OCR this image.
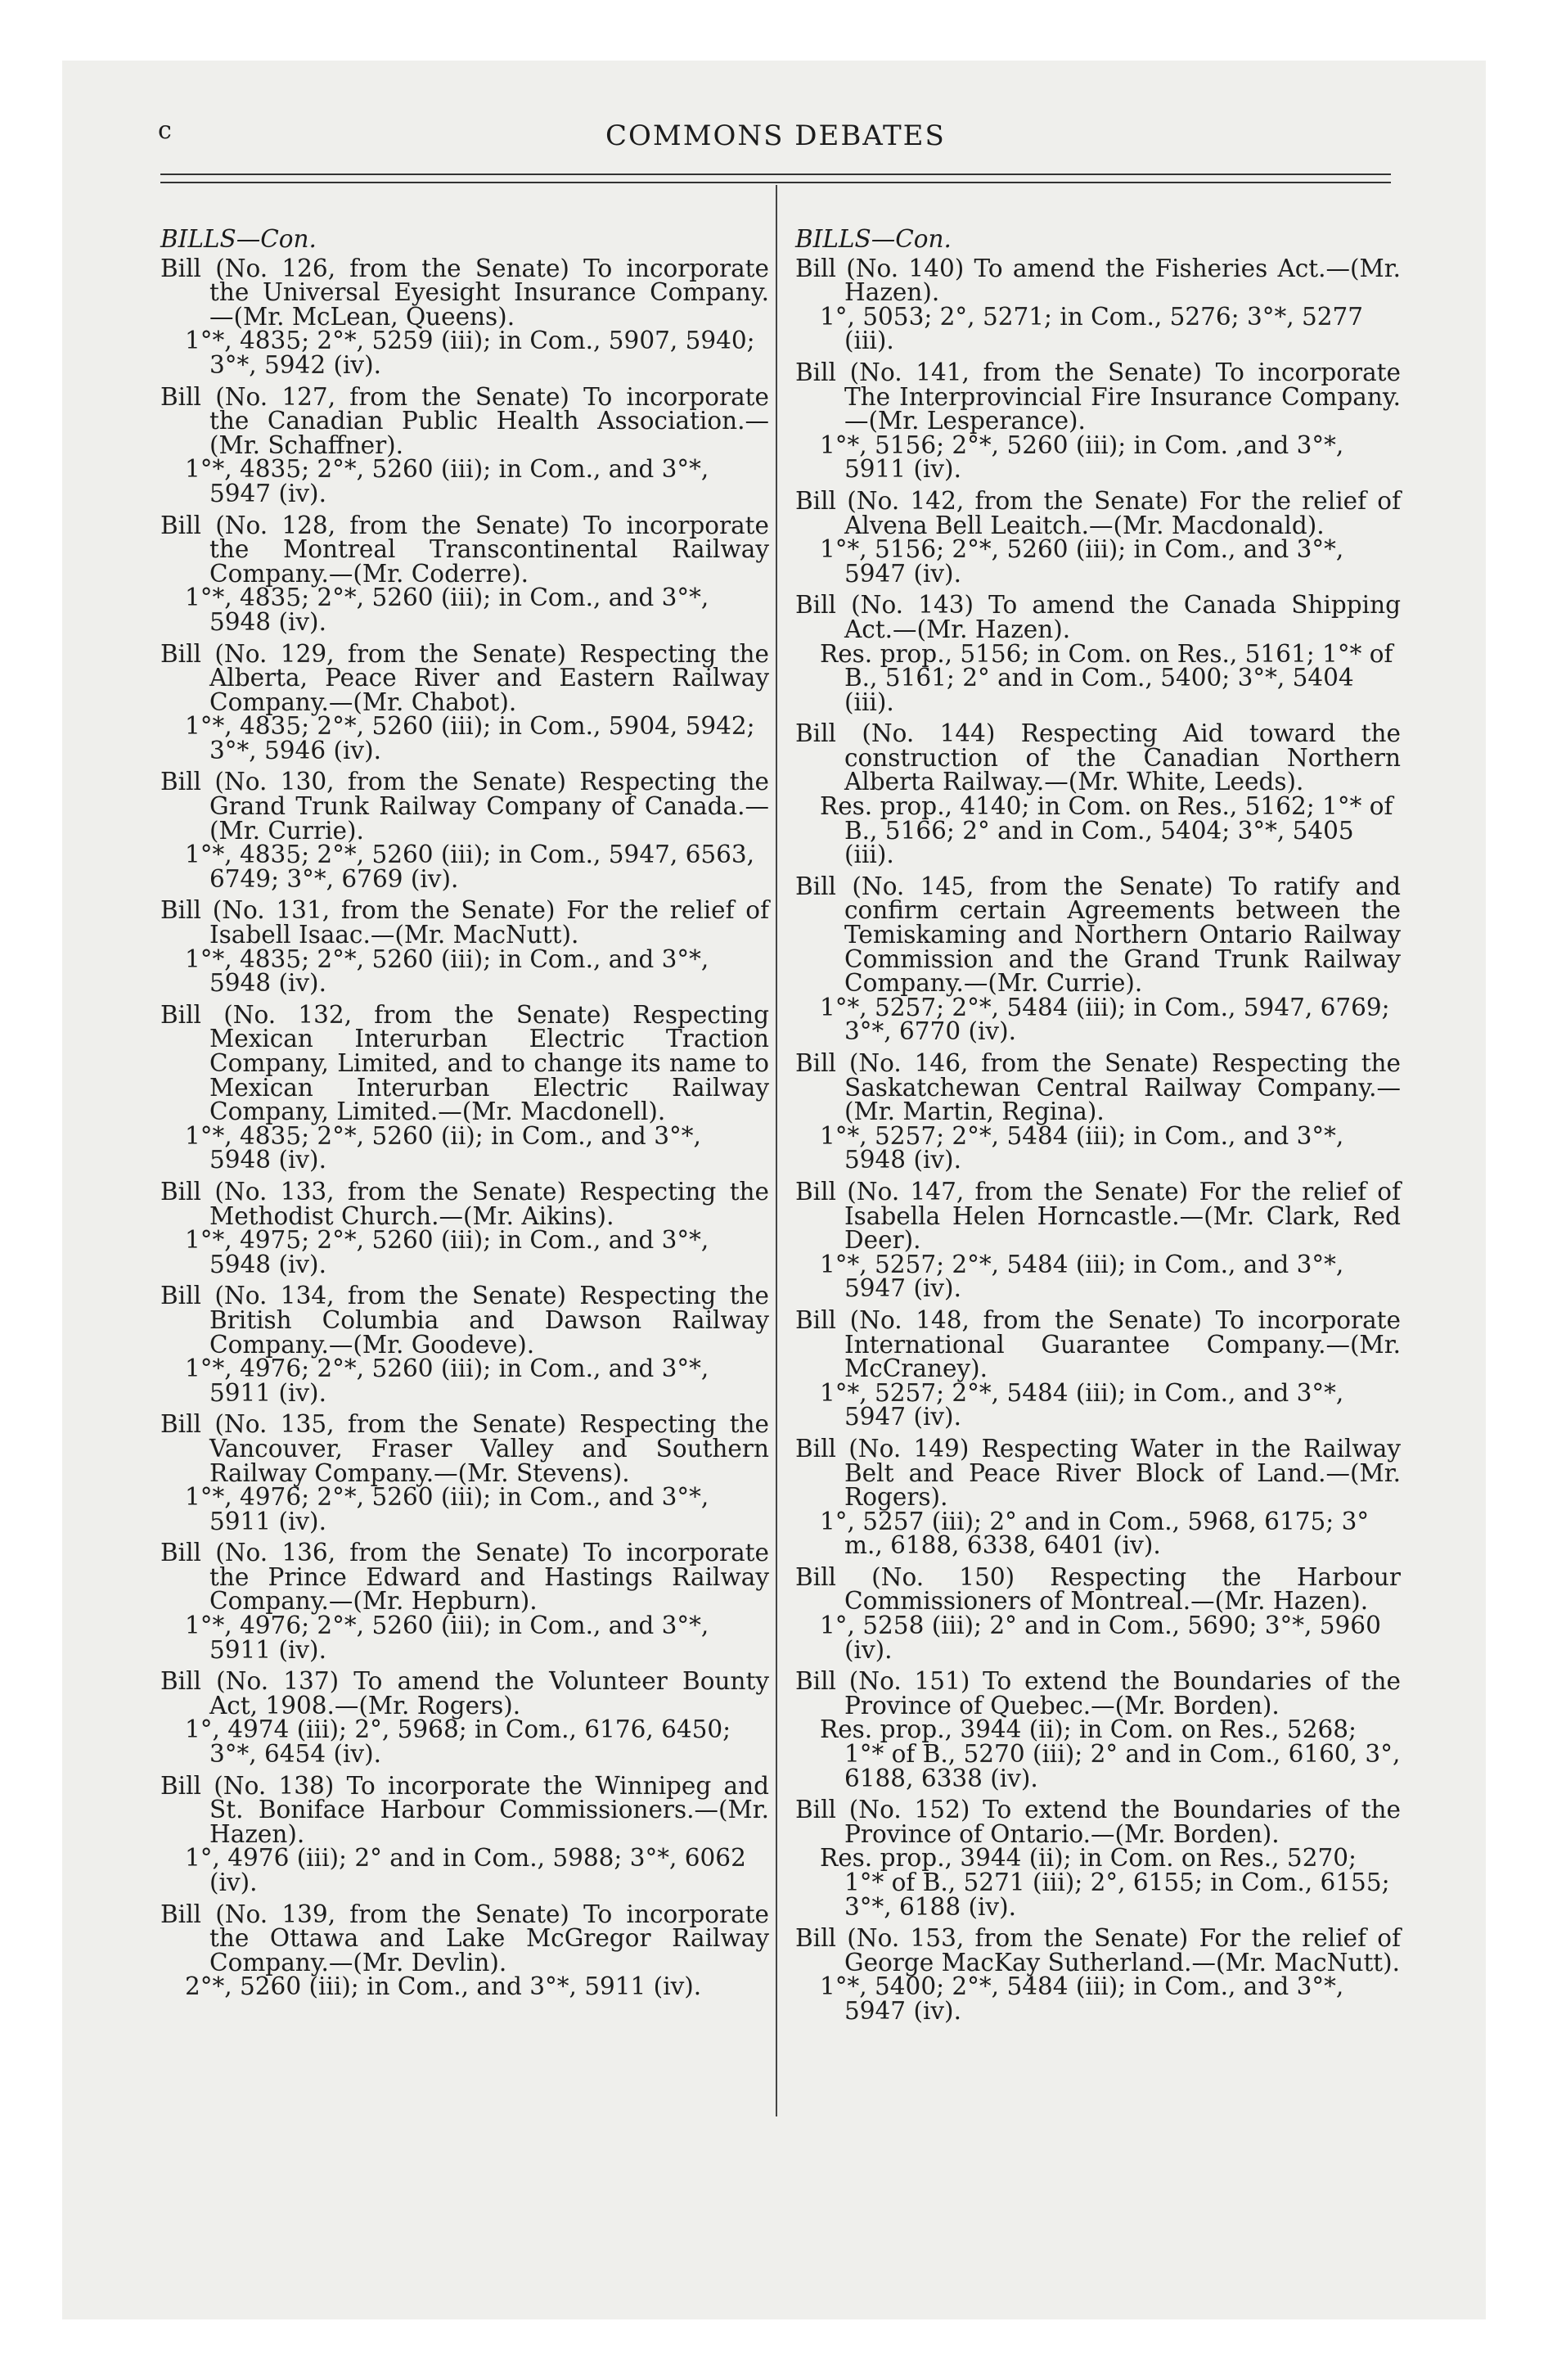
c	COMMONS DEBATES
BILLS—Con.

Bill (No. 126, from the Senate) To incorporate the Universal Eyesight Insurance Company.—(Mr. McLean, Queens).

1°*, 4835; 2°*, 5259 (iii); in Com., 5907, 5940; 3°*, 5942 (iv).

Bill (No. 127, from the Senate) To incorporate the Canadian Public Health Association.—(Mr. Schaffner).

1°*, 4835; 2°*, 5260 (iii); in Com., and 3°*, 5947 (iv).

Bill (No. 128, from the Senate) To incorporate the Montreal Transcontinental Railway Company.—(Mr. Coderre).

1°*, 4835; 2°*, 5260 (iii); in Com., and 3°*, 5948 (iv).

Bill (No. 129, from the Senate) Respecting the Alberta, Peace River and Eastern Railway Company.—(Mr. Chabot).

1°*, 4835; 2°*, 5260 (iii); in Com., 5904, 5942; 3°*, 5946 (iv).

Bill (No. 130, from the Senate) Respecting the Grand Trunk Railway Company of Canada.—(Mr. Currie).

1°*, 4835; 2°*, 5260 (iii); in Com., 5947, 6563, 6749; 3°*, 6769 (iv).

Bill (No. 131, from the Senate) For the relief of Isabell Isaac.—(Mr. MacNutt).

1°*, 4835; 2°*, 5260 (iii); in Com., and 3°*, 5948 (iv).

Bill (No. 132, from the Senate) Respecting Mexican Interurban Electric Traction Company, Limited, and to change its name to Mexican Interurban Electric Railway Company, Limited.—(Mr. Macdonell).

1°*, 4835; 2°*, 5260 (ii); in Com., and 3°*, 5948 (iv).

Bill (No. 133, from the Senate) Respecting the Methodist Church.—(Mr. Aikins).

1°*, 4975; 2°*, 5260 (iii); in Com., and 3°*, 5948 (iv).

Bill (No. 134, from the Senate) Respecting the British Columbia and Dawson Railway Company.—(Mr. Goodeve).

1°*, 4976; 2°*, 5260 (iii); in Com., and 3°*, 5911 (iv).

Bill (No. 135, from the Senate) Respecting the Vancouver, Fraser Valley and Southern Railway Company.—(Mr. Stevens).

1°*, 4976; 2°*, 5260 (iii); in Com., and 3°*, 5911 (iv).

Bill (No. 136, from the Senate) To incorporate the Prince Edward and Hastings Railway Company.—(Mr. Hepburn).

1°*, 4976; 2°*, 5260 (iii); in Com., and 3°*, 5911 (iv).

Bill (No. 137) To amend the Volunteer Bounty Act, 1908.—(Mr. Rogers).

1°, 4974 (iii); 2°, 5968; in Com., 6176, 6450; 3°*, 6454 (iv).

Bill (No. 138) To incorporate the Winnipeg and St. Boniface Harbour Commissioners.—(Mr. Hazen).

1°, 4976 (iii); 2° and in Com., 5988; 3°*, 6062 (iv).

Bill (No. 139, from the Senate) To incorporate the Ottawa and Lake McGregor Railway Company.—(Mr. Devlin).

2°*, 5260 (iii); in Com., and 3°*, 5911 (iv).

BILLS—Con.

Bill (No. 140) To amend the Fisheries Act.—(Mr. Hazen).

1°, 5053; 2°, 5271; in Com., 5276; 3°*, 5277 (iii).

Bill (No. 141, from the Senate) To incorporate The Interprovincial Fire Insurance Company.—(Mr. Lesperance).

1°*, 5156; 2°*, 5260 (iii); in Com. ,and 3°*, 5911 (iv).

Bill (No. 142, from the Senate) For the relief of Alvena Bell Leaitch.—(Mr. Macdonald).

1°*, 5156; 2°*, 5260 (iii); in Com., and 3°*, 5947 (iv).

Bill (No. 143) To amend the Canada Shipping Act.—(Mr. Hazen).

Res. prop., 5156; in Com. on Res., 5161; 1°* of B., 5161; 2° and in Com., 5400; 3°*, 5404 (iii).

Bill (No. 144) Respecting Aid toward the construction of the Canadian Northern Alberta Railway.—(Mr. White, Leeds).

Res. prop., 4140; in Com. on Res., 5162; 1°* of B., 5166; 2° and in Com., 5404; 3°*, 5405 (iii).

Bill (No. 145, from the Senate) To ratify and confirm certain Agreements between the Temiskaming and Northern Ontario Railway Commission and the Grand Trunk Railway Company.—(Mr. Currie).

1°*, 5257; 2°*, 5484 (iii); in Com., 5947, 6769; 3°*, 6770 (iv).

Bill (No. 146, from the Senate) Respecting the Saskatchewan Central Railway Company.—(Mr. Martin, Regina).

1°*, 5257; 2°*, 5484 (iii); in Com., and 3°*, 5948 (iv).

Bill (No. 147, from the Senate) For the relief of Isabella Helen Horncastle.—(Mr. Clark, Red Deer).

1°*, 5257; 2°*, 5484 (iii); in Com., and 3°*, 5947 (iv).

Bill (No. 148, from the Senate) To incorporate International Guarantee Company.—(Mr. McCraney).

1°*, 5257; 2°*, 5484 (iii); in Com., and 3°*, 5947 (iv).

Bill (No. 149) Respecting Water in the Railway Belt and Peace River Block of Land.—(Mr. Rogers).

1°, 5257 (iii); 2° and in Com., 5968, 6175; 3° m., 6188, 6338, 6401 (iv).

Bill (No. 150) Respecting the Harbour Commissioners of Montreal.—(Mr. Hazen).

1°, 5258 (iii); 2° and in Com., 5690; 3°*, 5960 (iv).

Bill (No. 151) To extend the Boundaries of the Province of Quebec.—(Mr. Borden).

Res. prop., 3944 (ii); in Com. on Res., 5268; 1°* of B., 5270 (iii); 2° and in Com., 6160, 3°, 6188, 6338 (iv).

Bill (No. 152) To extend the Boundaries of the Province of Ontario.—(Mr. Borden).

Res. prop., 3944 (ii); in Com. on Res., 5270; 1°* of B., 5271 (iii); 2°, 6155; in Com., 6155; 3°*, 6188 (iv).

Bill (No. 153, from the Senate) For the relief of George MacKay Sutherland.—(Mr. MacNutt).

1°*, 5400; 2°*, 5484 (iii); in Com., and 3°*, 5947 (iv).
